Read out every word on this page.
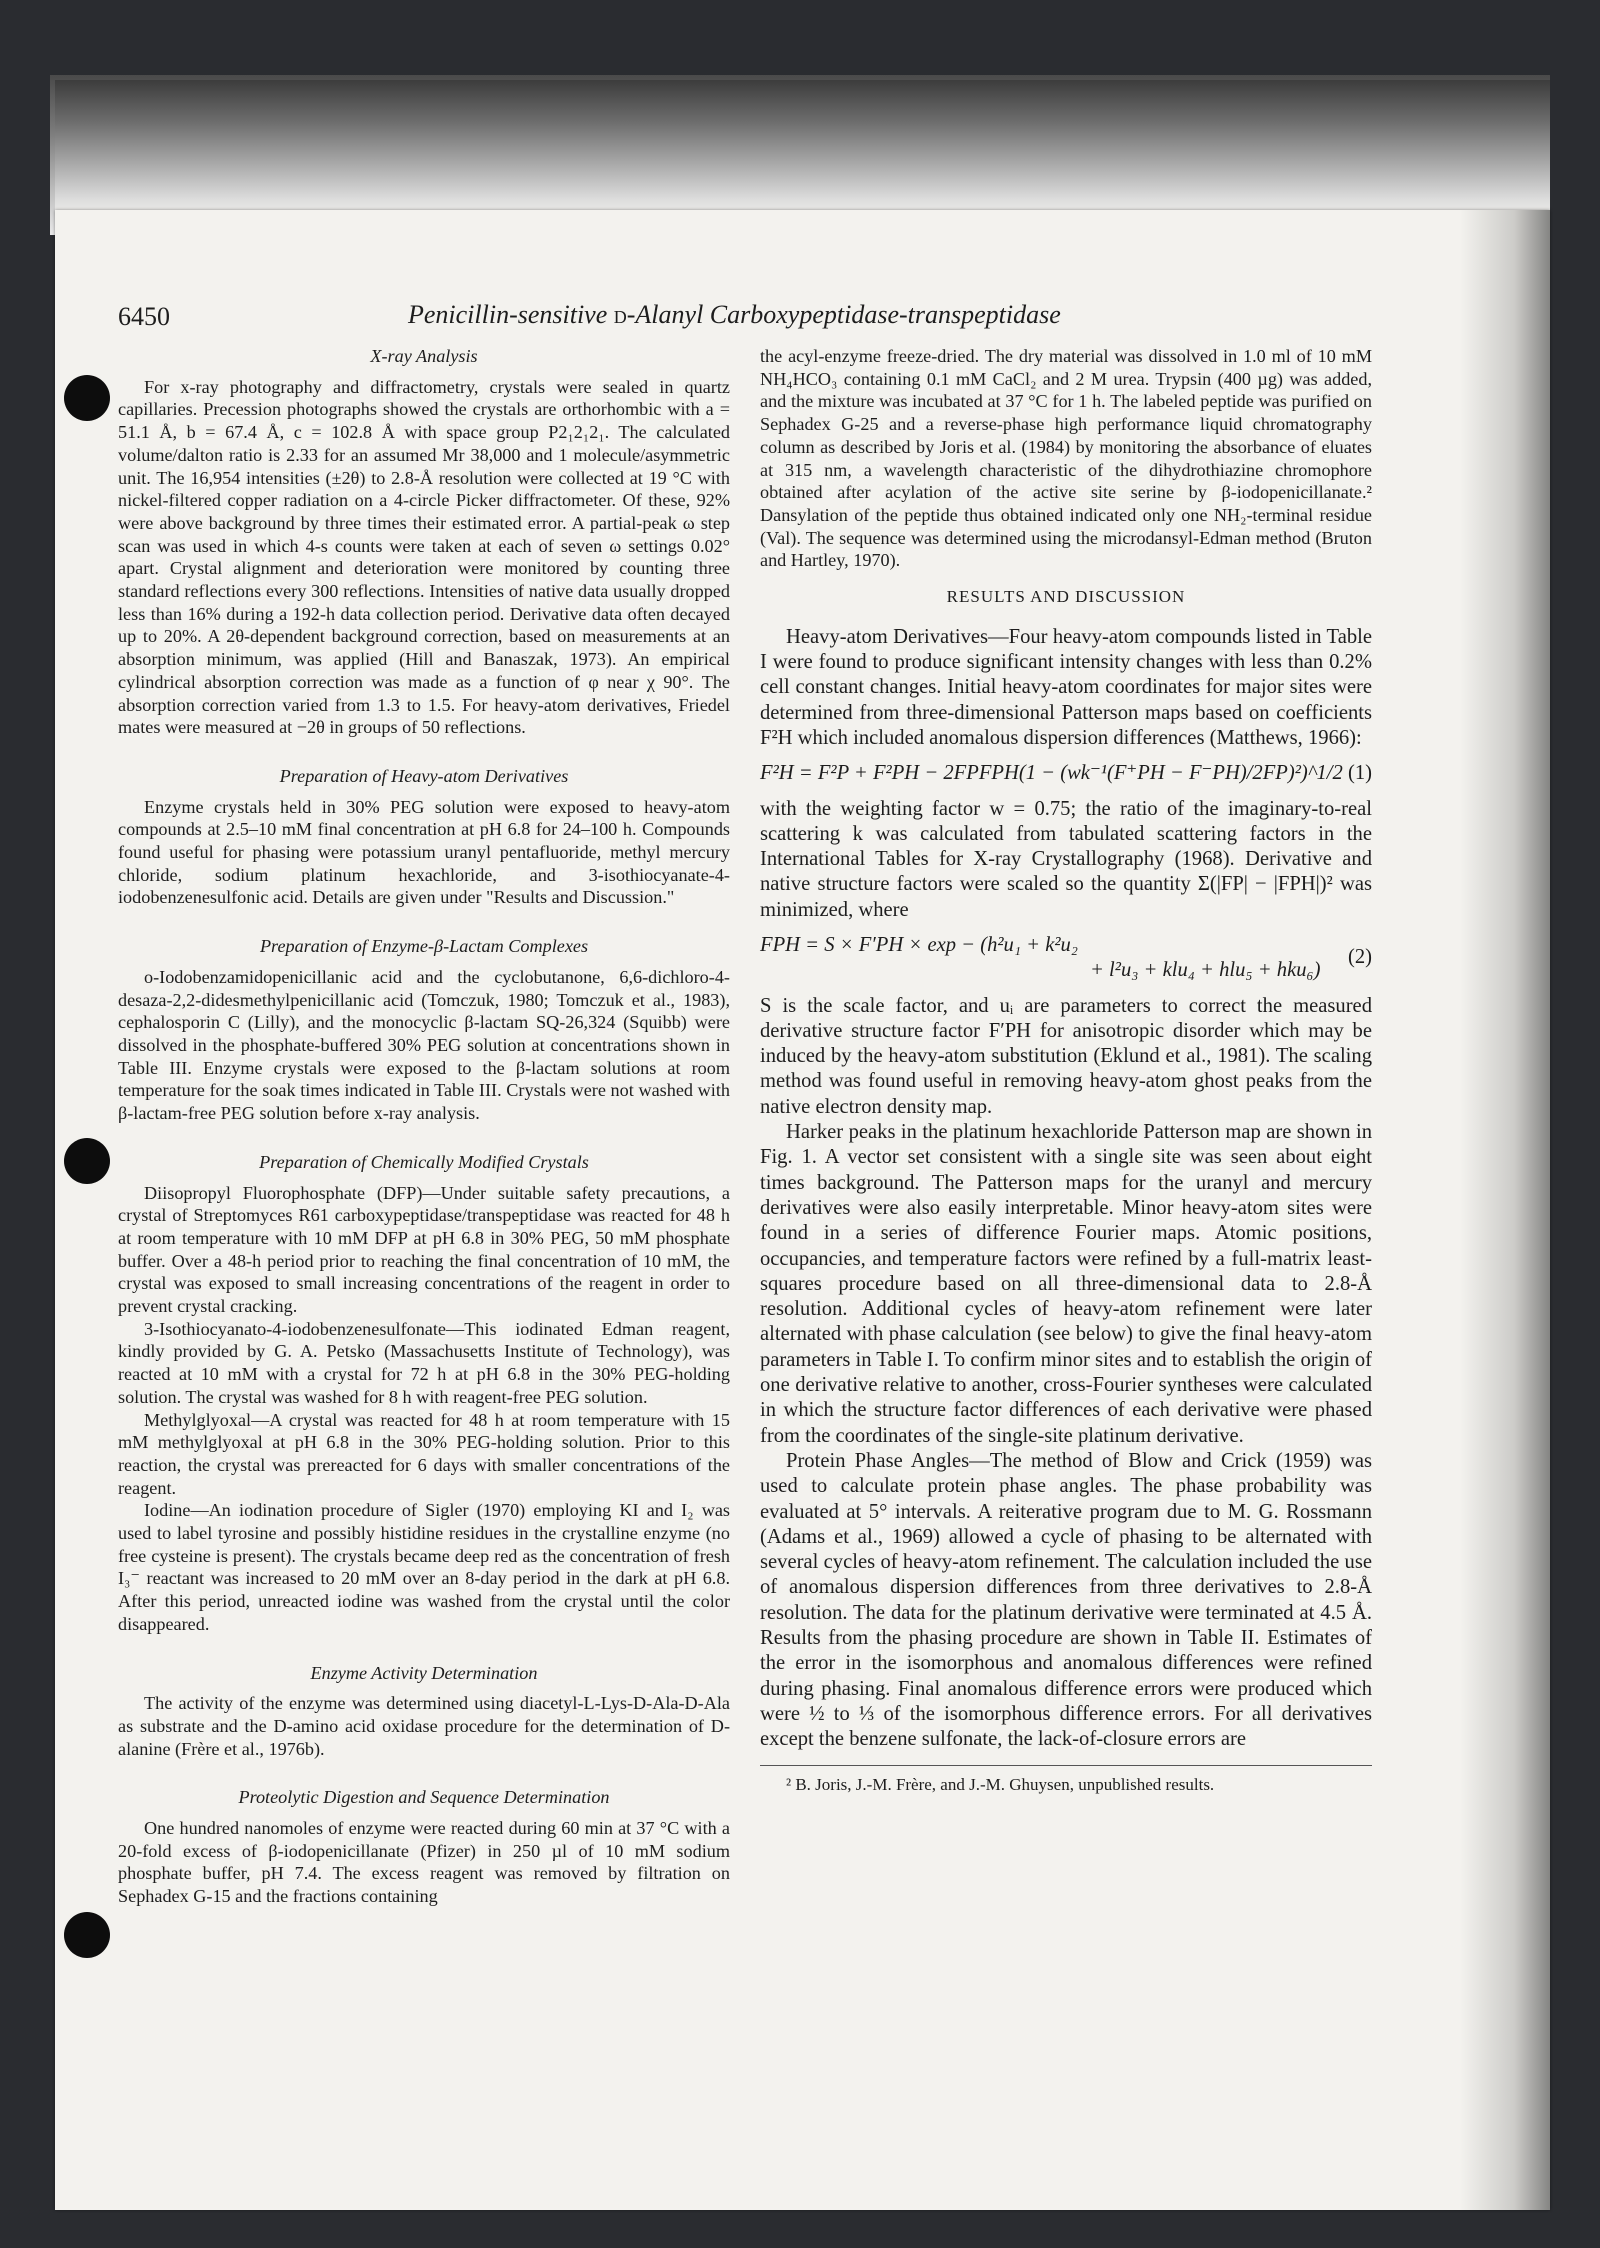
6450	Penicillin-sensitive d-Alanyl Carboxypeptidase-transpeptidase
X-ray Analysis

For x-ray photography and diffractometry, crystals were sealed in quartz capillaries. Precession photographs showed the crystals are orthorhombic with a = 51.1 Å, b = 67.4 Å, c = 102.8 Å with space group P2₁2₁2₁. The calculated volume/dalton ratio is 2.33 for an assumed Mr 38,000 and 1 molecule/asymmetric unit. The 16,954 intensities (±2θ) to 2.8-Å resolution were collected at 19 °C with nickel-filtered copper radiation on a 4-circle Picker diffractometer. Of these, 92% were above background by three times their estimated error. A partial-peak ω step scan was used in which 4-s counts were taken at each of seven ω settings 0.02° apart. Crystal alignment and deterioration were monitored by counting three standard reflections every 300 reflections. Intensities of native data usually dropped less than 16% during a 192-h data collection period. Derivative data often decayed up to 20%. A 2θ-dependent background correction, based on measurements at an absorption minimum, was applied (Hill and Banaszak, 1973). An empirical cylindrical absorption correction was made as a function of φ near χ 90°. The absorption correction varied from 1.3 to 1.5. For heavy-atom derivatives, Friedel mates were measured at −2θ in groups of 50 reflections.

Preparation of Heavy-atom Derivatives

Enzyme crystals held in 30% PEG solution were exposed to heavy-atom compounds at 2.5–10 mM final concentration at pH 6.8 for 24–100 h. Compounds found useful for phasing were potassium uranyl pentafluoride, methyl mercury chloride, sodium platinum hexachloride, and 3-isothiocyanate-4-iodobenzenesulfonic acid. Details are given under "Results and Discussion."

Preparation of Enzyme-β-Lactam Complexes

o-Iodobenzamidopenicillanic acid and the cyclobutanone, 6,6-dichloro-4-desaza-2,2-didesmethylpenicillanic acid (Tomczuk, 1980; Tomczuk et al., 1983), cephalosporin C (Lilly), and the monocyclic β-lactam SQ-26,324 (Squibb) were dissolved in the phosphate-buffered 30% PEG solution at concentrations shown in Table III. Enzyme crystals were exposed to the β-lactam solutions at room temperature for the soak times indicated in Table III. Crystals were not washed with β-lactam-free PEG solution before x-ray analysis.

Preparation of Chemically Modified Crystals

Diisopropyl Fluorophosphate (DFP)—Under suitable safety precautions, a crystal of Streptomyces R61 carboxypeptidase/transpeptidase was reacted for 48 h at room temperature with 10 mM DFP at pH 6.8 in 30% PEG, 50 mM phosphate buffer. Over a 48-h period prior to reaching the final concentration of 10 mM, the crystal was exposed to small increasing concentrations of the reagent in order to prevent crystal cracking.

3-Isothiocyanato-4-iodobenzenesulfonate—This iodinated Edman reagent, kindly provided by G. A. Petsko (Massachusetts Institute of Technology), was reacted at 10 mM with a crystal for 72 h at pH 6.8 in the 30% PEG-holding solution. The crystal was washed for 8 h with reagent-free PEG solution.

Methylglyoxal—A crystal was reacted for 48 h at room temperature with 15 mM methylglyoxal at pH 6.8 in the 30% PEG-holding solution. Prior to this reaction, the crystal was prereacted for 6 days with smaller concentrations of the reagent.

Iodine—An iodination procedure of Sigler (1970) employing KI and I₂ was used to label tyrosine and possibly histidine residues in the crystalline enzyme (no free cysteine is present). The crystals became deep red as the concentration of fresh I₃⁻ reactant was increased to 20 mM over an 8-day period in the dark at pH 6.8. After this period, unreacted iodine was washed from the crystal until the color disappeared.

Enzyme Activity Determination

The activity of the enzyme was determined using diacetyl-L-Lys-D-Ala-D-Ala as substrate and the D-amino acid oxidase procedure for the determination of D-alanine (Frère et al., 1976b).

Proteolytic Digestion and Sequence Determination

One hundred nanomoles of enzyme were reacted during 60 min at 37 °C with a 20-fold excess of β-iodopenicillanate (Pfizer) in 250 µl of 10 mM sodium phosphate buffer, pH 7.4. The excess reagent was removed by filtration on Sephadex G-15 and the fractions containing

the acyl-enzyme freeze-dried. The dry material was dissolved in 1.0 ml of 10 mM NH₄HCO₃ containing 0.1 mM CaCl₂ and 2 M urea. Trypsin (400 µg) was added, and the mixture was incubated at 37 °C for 1 h. The labeled peptide was purified on Sephadex G-25 and a reverse-phase high performance liquid chromatography column as described by Joris et al. (1984) by monitoring the absorbance of eluates at 315 nm, a wavelength characteristic of the dihydrothiazine chromophore obtained after acylation of the active site serine by β-iodopenicillanate.² Dansylation of the peptide thus obtained indicated only one NH₂-terminal residue (Val). The sequence was determined using the microdansyl-Edman method (Bruton and Hartley, 1970).

RESULTS AND DISCUSSION

Heavy-atom Derivatives—Four heavy-atom compounds listed in Table I were found to produce significant intensity changes with less than 0.2% cell constant changes. Initial heavy-atom coordinates for major sites were determined from three-dimensional Patterson maps based on coefficients F²H which included anomalous dispersion differences (Matthews, 1966):

F²H = F²P + F²PH − 2FPFPH(1 − (wk⁻¹(F⁺PH − F⁻PH)/2FP)²)^1/2 (1)

with the weighting factor w = 0.75; the ratio of the imaginary-to-real scattering k was calculated from tabulated scattering factors in the International Tables for X-ray Crystallography (1968). Derivative and native structure factors were scaled so the quantity Σ(|FP| − |FPH|)² was minimized, where

FPH = S × F′PH × exp − (h²u₁ + k²u₂
+ l²u₃ + klu₄ + hlu₅ + hku₆)
(2)

S is the scale factor, and uᵢ are parameters to correct the measured derivative structure factor F′PH for anisotropic disorder which may be induced by the heavy-atom substitution (Eklund et al., 1981). The scaling method was found useful in removing heavy-atom ghost peaks from the native electron density map.

Harker peaks in the platinum hexachloride Patterson map are shown in Fig. 1. A vector set consistent with a single site was seen about eight times background. The Patterson maps for the uranyl and mercury derivatives were also easily interpretable. Minor heavy-atom sites were found in a series of difference Fourier maps. Atomic positions, occupancies, and temperature factors were refined by a full-matrix least-squares procedure based on all three-dimensional data to 2.8-Å resolution. Additional cycles of heavy-atom refinement were later alternated with phase calculation (see below) to give the final heavy-atom parameters in Table I. To confirm minor sites and to establish the origin of one derivative relative to another, cross-Fourier syntheses were calculated in which the structure factor differences of each derivative were phased from the coordinates of the single-site platinum derivative.

Protein Phase Angles—The method of Blow and Crick (1959) was used to calculate protein phase angles. The phase probability was evaluated at 5° intervals. A reiterative program due to M. G. Rossmann (Adams et al., 1969) allowed a cycle of phasing to be alternated with several cycles of heavy-atom refinement. The calculation included the use of anomalous dispersion differences from three derivatives to 2.8-Å resolution. The data for the platinum derivative were terminated at 4.5 Å. Results from the phasing procedure are shown in Table II. Estimates of the error in the isomorphous and anomalous differences were refined during phasing. Final anomalous difference errors were produced which were ½ to ⅓ of the isomorphous difference errors. For all derivatives except the benzene sulfonate, the lack-of-closure errors are

² B. Joris, J.-M. Frère, and J.-M. Ghuysen, unpublished results.
